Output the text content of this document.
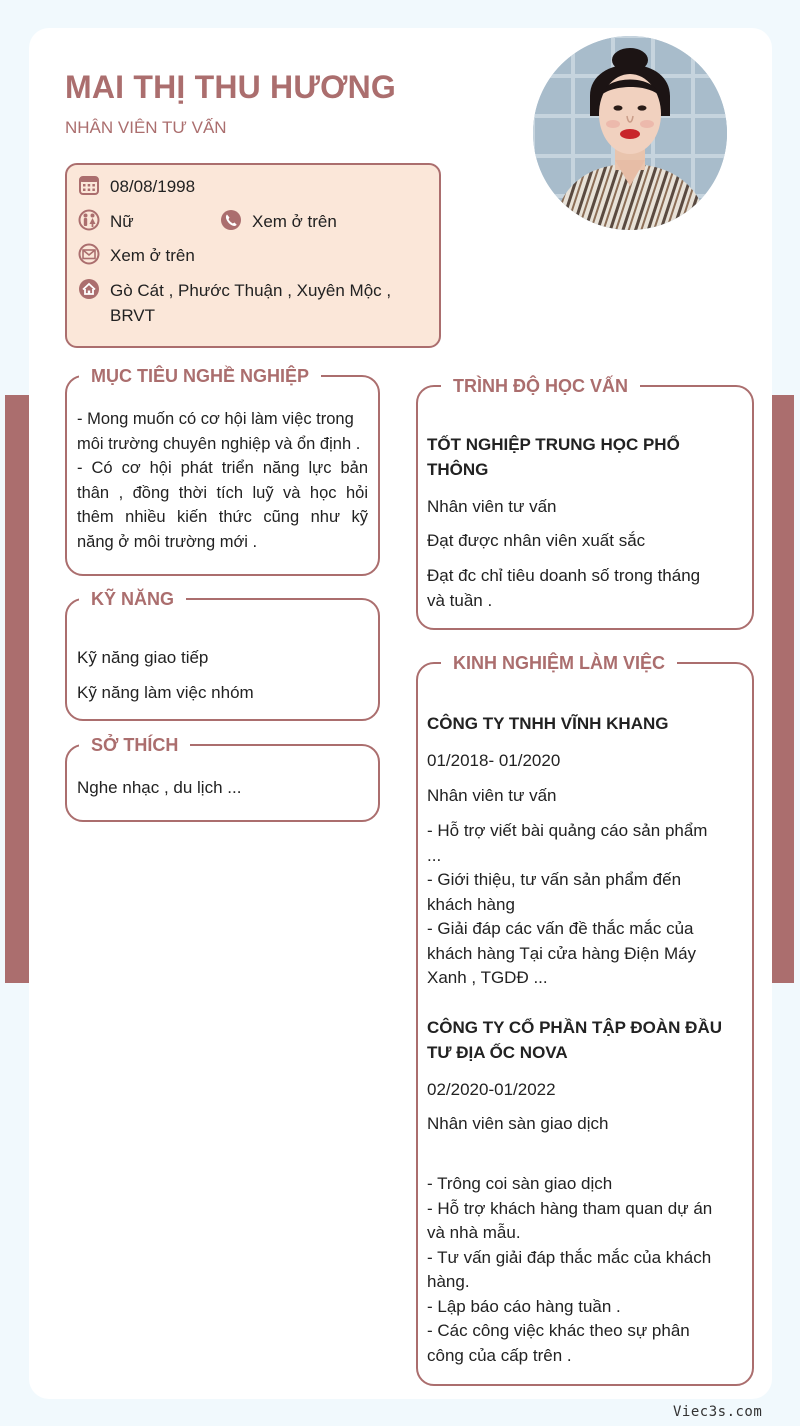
MAI THỊ THU HƯƠNG
NHÂN VIÊN TƯ VẤN
08/08/1998
Nữ	Xem ở trên
Xem ở trên
Gò Cát , Phước Thuận , Xuyên Mộc ,
BRVT
MỤC TIÊU NGHỀ NGHIỆP
- Mong muốn có cơ hội làm việc trong
môi trường chuyên nghiệp và ổn định .
- Có cơ hội phát triển năng lực bản
thân , đồng thời tích luỹ và học hỏi
thêm nhiều kiến thức cũng như kỹ
năng ở môi trường mới .
KỸ NĂNG
Kỹ năng giao tiếp
Kỹ năng làm việc nhóm
SỞ THÍCH
Nghe nhạc , du lịch ...
TRÌNH ĐỘ HỌC VẤN
TỐT NGHIỆP TRUNG HỌC PHỔ
THÔNG
Nhân viên tư vấn
Đạt được nhân viên xuất sắc
Đạt đc chỉ tiêu doanh số trong tháng
và tuần .
KINH NGHIỆM LÀM VIỆC
CÔNG TY TNHH VĨNH KHANG
01/2018- 01/2020
Nhân viên tư vấn
- Hỗ trợ viết bài quảng cáo sản phẩm
...
- Giới thiệu, tư vấn sản phẩm đến
khách hàng
- Giải đáp các vấn đề thắc mắc của
khách hàng Tại cửa hàng Điện Máy
Xanh , TGDĐ ...
CÔNG TY CỔ PHẦN TẬP ĐOÀN ĐẦU
TƯ ĐỊA ỐC NOVA
02/2020-01/2022
Nhân viên sàn giao dịch
- Trông coi sàn giao dịch
- Hỗ trợ khách hàng tham quan dự án
và nhà mẫu.
- Tư vấn giải đáp thắc mắc của khách
hàng.
- Lập báo cáo hàng tuần .
- Các công việc khác theo sự phân
công của cấp trên .
Viec3s.com
